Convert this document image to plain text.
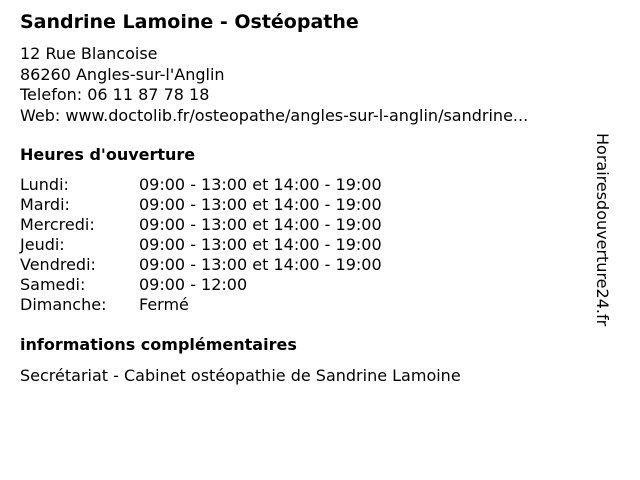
Sandrine Lamoine - Ostéopathe
12 Rue Blancoise
86260 Angles-sur-l'Anglin
Telefon: 06 11 87 78 18
Web: www.doctolib.fr/osteopathe/angles-sur-l-anglin/sandrine...
Heures d'ouverture
Lundi:	09:00 - 13:00 et 14:00 - 19:00
Mardi:	09:00 - 13:00 et 14:00 - 19:00
Mercredi:	09:00 - 13:00 et 14:00 - 19:00
Jeudi:	09:00 - 13:00 et 14:00 - 19:00
Vendredi:	09:00 - 13:00 et 14:00 - 19:00
Samedi:	09:00 - 12:00
Dimanche: Fermé
informations complémentaires
Secrétariat - Cabinet ostéopathie de Sandrine Lamoine
Horairesdouverture24.fr
